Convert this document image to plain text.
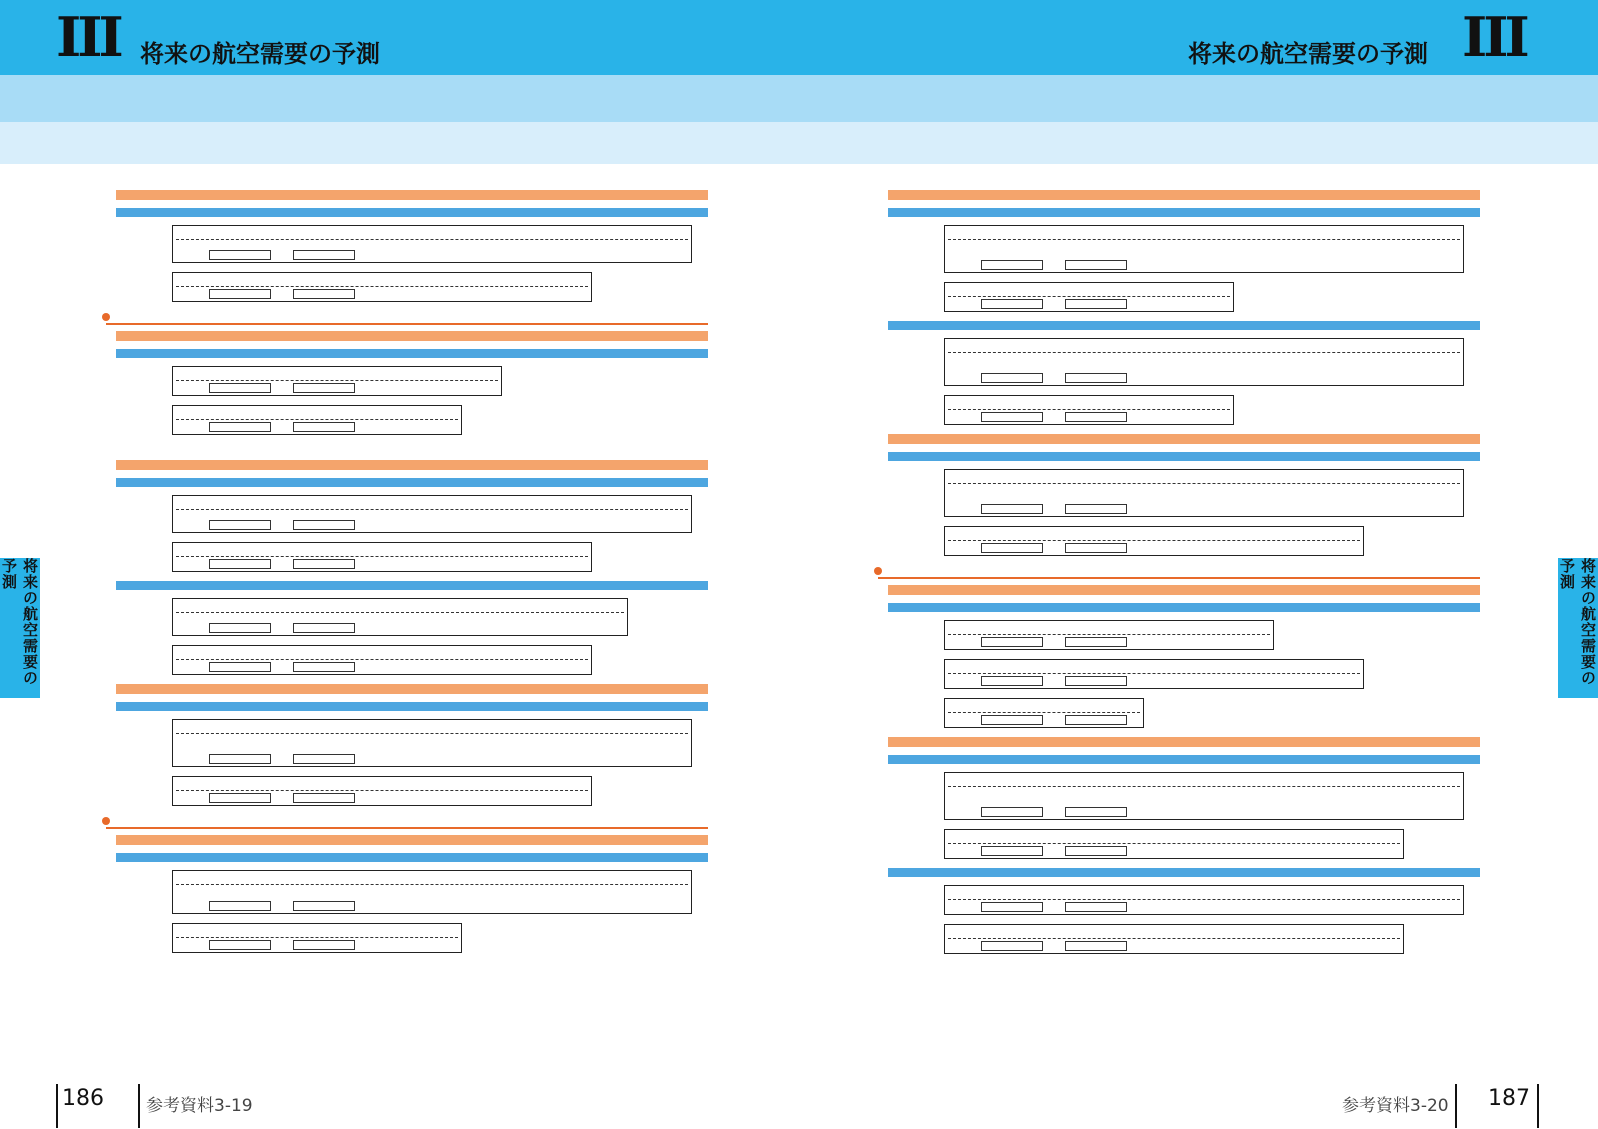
III 将来の航空需要の予測	将来の航空需要の予測 III
将来の航空需要の予測	将来の航空需要の予測
186 参考資料3-19	参考資料3-20 187
